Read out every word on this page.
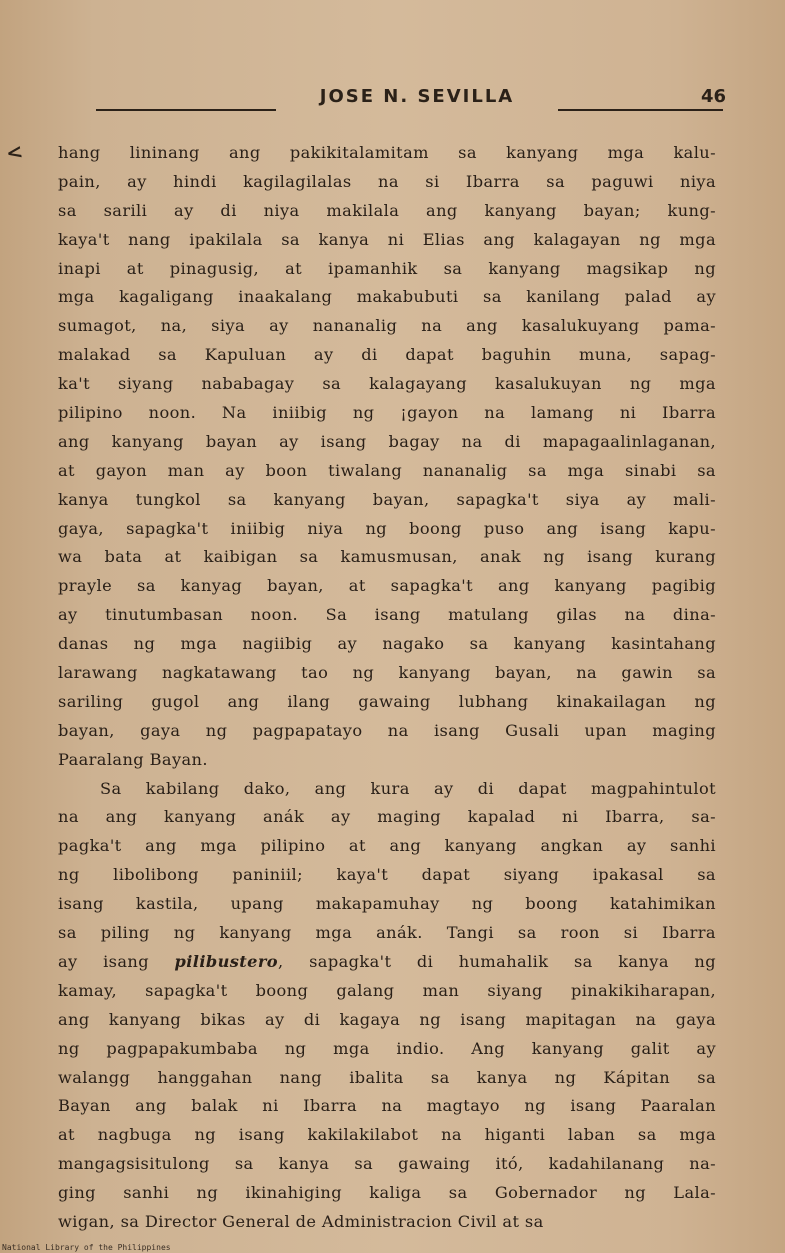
JOSE N. SEVILLA	46
< hang lininang ang pakikitalamitam sa kanyang mga kalu-
pain, ay hindi kagilagilalas na si Ibarra sa paguwi niya
sa sarili ay di niya makilala ang kanyang bayan; kung-
kaya't nang ipakilala sa kanya ni Elias ang kalagayan ng mga
inapi at pinagusig, at ipamanhik sa kanyang magsikap ng
mga kagaligang inaakalang makabubuti sa kanilang palad ay
sumagot, na, siya ay nananalig na ang kasalukuyang pama-
malakad sa Kapuluan ay di dapat baguhin muna, sapag-
ka't siyang nababagay sa kalagayang kasalukuyan ng mga
pilipino noon. Na iniibig ng ¡gayon na lamang ni Ibarra
ang kanyang bayan ay isang bagay na di mapagaalinlaganan,
at gayon man ay boon tiwalang nananalig sa mga sinabi sa
kanya tungkol sa kanyang bayan, sapagka't siya ay mali-
gaya, sapagka't iniibig niya ng boong puso ang isang kapu-
wa bata at kaibigan sa kamusmusan, anak ng isang kurang
prayle sa kanyag bayan, at sapagka't ang kanyang pagibig
ay tinutumbasan noon. Sa isang matulang gilas na dina-
danas ng mga nagiibig ay nagako sa kanyang kasintahang
larawang nagkatawang tao ng kanyang bayan, na gawin sa
sariling gugol ang ilang gawaing lubhang kinakailagan ng
bayan, gaya ng pagpapatayo na isang Gusali upan maging
Paaralang Bayan.
Sa kabilang dako, ang kura ay di dapat magpahintulot
na ang kanyang anák ay maging kapalad ni Ibarra, sa-
pagka't ang mga pilipino at ang kanyang angkan ay sanhi
ng libolibong paniniil; kaya't dapat siyang ipakasal sa
isang kastila, upang makapamuhay ng boong katahimikan
sa piling ng kanyang mga anák. Tangi sa roon si Ibarra
ay isang pilibustero, sapagka't di humahalik sa kanya ng
kamay, sapagka't boong galang man siyang pinakikiharapan,
ang kanyang bikas ay di kagaya ng isang mapitagan na gaya
ng pagpapakumbaba ng mga indio. Ang kanyang galit ay
walangg hanggahan nang ibalita sa kanya ng Kápitan sa
Bayan ang balak ni Ibarra na magtayo ng isang Paaralan
at nagbuga ng isang kakilakilabot na higanti laban sa mga
mangagsisitulong sa kanya sa gawaing itó, kadahilanang na-
ging sanhi ng ikinahiging kaliga sa Gobernador ng Lala-
wigan, sa Director General de Administracion Civil at sa
National Library of the Philippines
